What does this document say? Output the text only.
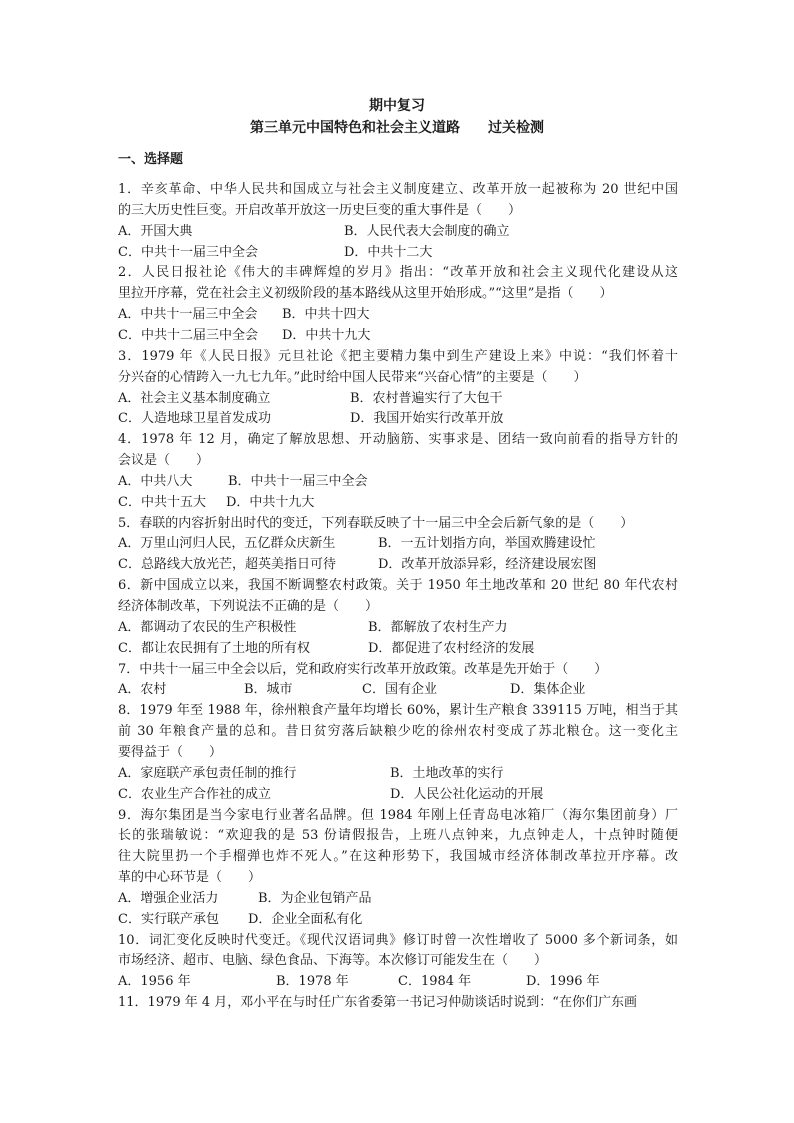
期中复习
第三单元中国特色和社会主义道路 过关检测
一、选择题
1．辛亥革命、中华人民共和国成立与社会主义制度建立、改革开放一起被称为 20 世纪中国
的三大历史性巨变。开启改革开放这一历史巨变的重大事件是（　　）
A．开国大典	B．人民代表大会制度的确立
C．中共十一届三中全会	D．中共十二大
2．人民日报社论《伟大的丰碑辉煌的岁月》指出：“改革开放和社会主义现代化建设从这
里拉开序幕，党在社会主义初级阶段的基本路线从这里开始形成。”“这里”是指（　　）
A．中共十一届三中全会 B．中共十四大
C．中共十二届三中全会 D．中共十九大
3．1979 年《人民日报》元旦社论《把主要精力集中到生产建设上来》中说：“我们怀着十
分兴奋的心情跨入一九七九年。”此时给中国人民带来“兴奋心情”的主要是（　　）
A．社会主义基本制度确立	B．农村普遍实行了大包干
C．人造地球卫星首发成功	D．我国开始实行改革开放
4．1978 年 12 月，确定了解放思想、开动脑筋、实事求是、团结一致向前看的指导方针的
会议是（　　）
A．中共八大	B．中共十一届三中全会
C．中共十五大 D．中共十九大
5．春联的内容折射出时代的变迁，下列春联反映了十一届三中全会后新气象的是（　　）
A．万里山河归人民，五亿群众庆新生	B．一五计划指方向，举国欢腾建设忙
C．总路线大放光芒，超英美指日可待	D．改革开放添异彩，经济建设展宏图
6．新中国成立以来，我国不断调整农村政策。关于 1950 年土地改革和 20 世纪 80 年代农村
经济体制改革，下列说法不正确的是（　　）
A．都调动了农民的生产积极性	B．都解放了农村生产力
C．都让农民拥有了土地的所有权	D．都促进了农村经济的发展
7．中共十一届三中全会以后，党和政府实行改革开放政策。改革是先开始于（　　）
A．农村	B．城市	C．国有企业	D．集体企业
8．1979 年至 1988 年，徐州粮食产量年均增长 60%，累计生产粮食 339115 万吨，相当于其
前 30 年粮食产量的总和。昔日贫穷落后缺粮少吃的徐州农村变成了苏北粮仓。这一变化主
要得益于（　　）
A．家庭联产承包责任制的推行	B．土地改革的实行
C．农业生产合作社的成立	D．人民公社化运动的开展
9．海尔集团是当今家电行业著名品牌。但 1984 年刚上任青岛电冰箱厂（海尔集团前身）厂
长的张瑞敏说：“欢迎我的是 53 份请假报告，上班八点钟来，九点钟走人，十点钟时随便
往大院里扔一个手榴弹也炸不死人。”在这种形势下，我国城市经济体制改革拉开序幕。改
革的中心环节是（　　）
A．增强企业活力	B．为企业包销产品
C．实行联产承包 D．企业全面私有化
10．词汇变化反映时代变迁。《现代汉语词典》修订时曾一次性增收了 5000 多个新词条，如
市场经济、超市、电脑、绿色食品、下海等。本次修订可能发生在（　　）
A．1956 年	B．1978 年	C．1984 年	D．1996 年
11．1979 年 4 月，邓小平在与时任广东省委第一书记习仲勋谈话时说到：“在你们广东画
